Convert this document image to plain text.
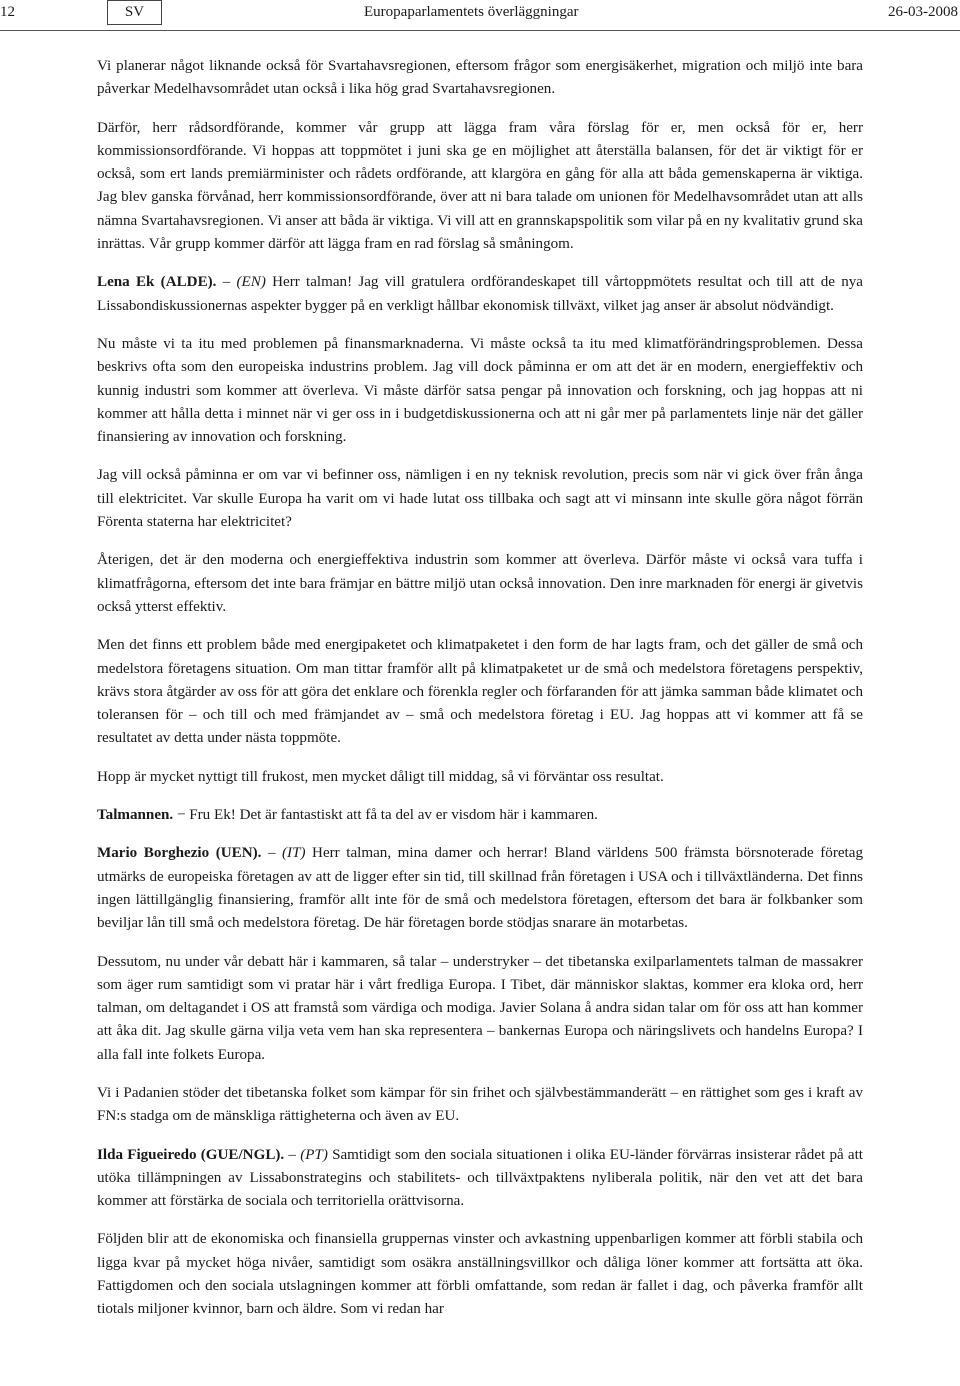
12	SV	Europaparlamentets överläggningar	26-03-2008

Vi planerar något liknande också för Svartahavsregionen, eftersom frågor som energisäkerhet, migration och miljö inte bara påverkar Medelhavsområdet utan också i lika hög grad Svartahavsregionen.

Därför, herr rådsordförande, kommer vår grupp att lägga fram våra förslag för er, men också för er, herr kommissionsordförande. Vi hoppas att toppmötet i juni ska ge en möjlighet att återställa balansen, för det är viktigt för er också, som ert lands premiärminister och rådets ordförande, att klargöra en gång för alla att båda gemenskaperna är viktiga. Jag blev ganska förvånad, herr kommissionsordförande, över att ni bara talade om unionen för Medelhavsområdet utan att alls nämna Svartahavsregionen. Vi anser att båda är viktiga. Vi vill att en grannskapspolitik som vilar på en ny kvalitativ grund ska inrättas. Vår grupp kommer därför att lägga fram en rad förslag så småningom.

Lena Ek (ALDE). – (EN) Herr talman! Jag vill gratulera ordförandeskapet till vårtoppmötets resultat och till att de nya Lissabondiskussionernas aspekter bygger på en verkligt hållbar ekonomisk tillväxt, vilket jag anser är absolut nödvändigt.

Nu måste vi ta itu med problemen på finansmarknaderna. Vi måste också ta itu med klimatförändringsproblemen. Dessa beskrivs ofta som den europeiska industrins problem. Jag vill dock påminna er om att det är en modern, energieffektiv och kunnig industri som kommer att överleva. Vi måste därför satsa pengar på innovation och forskning, och jag hoppas att ni kommer att hålla detta i minnet när vi ger oss in i budgetdiskussionerna och att ni går mer på parlamentets linje när det gäller finansiering av innovation och forskning.

Jag vill också påminna er om var vi befinner oss, nämligen i en ny teknisk revolution, precis som när vi gick över från ånga till elektricitet. Var skulle Europa ha varit om vi hade lutat oss tillbaka och sagt att vi minsann inte skulle göra något förrän Förenta staterna har elektricitet?

Återigen, det är den moderna och energieffektiva industrin som kommer att överleva. Därför måste vi också vara tuffa i klimatfrågorna, eftersom det inte bara främjar en bättre miljö utan också innovation. Den inre marknaden för energi är givetvis också ytterst effektiv.

Men det finns ett problem både med energipaketet och klimatpaketet i den form de har lagts fram, och det gäller de små och medelstora företagens situation. Om man tittar framför allt på klimatpaketet ur de små och medelstora företagens perspektiv, krävs stora åtgärder av oss för att göra det enklare och förenkla regler och förfaranden för att jämka samman både klimatet och toleransen för – och till och med främjandet av – små och medelstora företag i EU. Jag hoppas att vi kommer att få se resultatet av detta under nästa toppmöte.

Hopp är mycket nyttigt till frukost, men mycket dåligt till middag, så vi förväntar oss resultat.

Talmannen. − Fru Ek! Det är fantastiskt att få ta del av er visdom här i kammaren.

Mario Borghezio (UEN). – (IT) Herr talman, mina damer och herrar! Bland världens 500 främsta börsnoterade företag utmärks de europeiska företagen av att de ligger efter sin tid, till skillnad från företagen i USA och i tillväxtländerna. Det finns ingen lättillgänglig finansiering, framför allt inte för de små och medelstora företagen, eftersom det bara är folkbanker som beviljar lån till små och medelstora företag. De här företagen borde stödjas snarare än motarbetas.

Dessutom, nu under vår debatt här i kammaren, så talar – understryker – det tibetanska exilparlamentets talman de massakrer som äger rum samtidigt som vi pratar här i vårt fredliga Europa. I Tibet, där människor slaktas, kommer era kloka ord, herr talman, om deltagandet i OS att framstå som värdiga och modiga. Javier Solana å andra sidan talar om för oss att han kommer att åka dit. Jag skulle gärna vilja veta vem han ska representera – bankernas Europa och näringslivets och handelns Europa? I alla fall inte folkets Europa.

Vi i Padanien stöder det tibetanska folket som kämpar för sin frihet och självbestämmanderätt – en rättighet som ges i kraft av FN:s stadga om de mänskliga rättigheterna och även av EU.

Ilda Figueiredo (GUE/NGL). – (PT) Samtidigt som den sociala situationen i olika EU-länder förvärras insisterar rådet på att utöka tillämpningen av Lissabonstrategins och stabilitets- och tillväxtpaktens nyliberala politik, när den vet att det bara kommer att förstärka de sociala och territoriella orättvisorna.

Följden blir att de ekonomiska och finansiella gruppernas vinster och avkastning uppenbarligen kommer att förbli stabila och ligga kvar på mycket höga nivåer, samtidigt som osäkra anställningsvillkor och dåliga löner kommer att fortsätta att öka. Fattigdomen och den sociala utslagningen kommer att förbli omfattande, som redan är fallet i dag, och påverka framför allt tiotals miljoner kvinnor, barn och äldre. Som vi redan har
